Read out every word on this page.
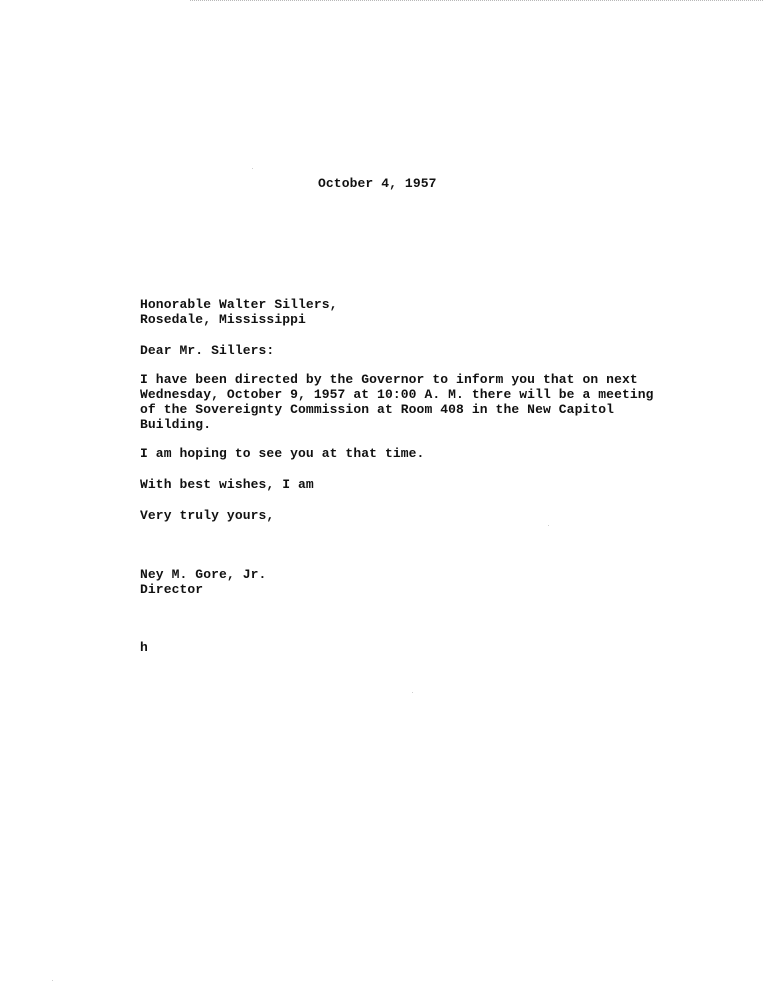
October 4, 1957
Honorable Walter Sillers,
Rosedale, Mississippi
Dear Mr. Sillers:
I have been directed by the Governor to inform you that on next
Wednesday, October 9, 1957 at 10:00 A. M. there will be a meeting
of the Sovereignty Commission at Room 408 in the New Capitol
Building.
I am hoping to see you at that time.
With best wishes, I am
Very truly yours,
Ney M. Gore, Jr.
Director
h
